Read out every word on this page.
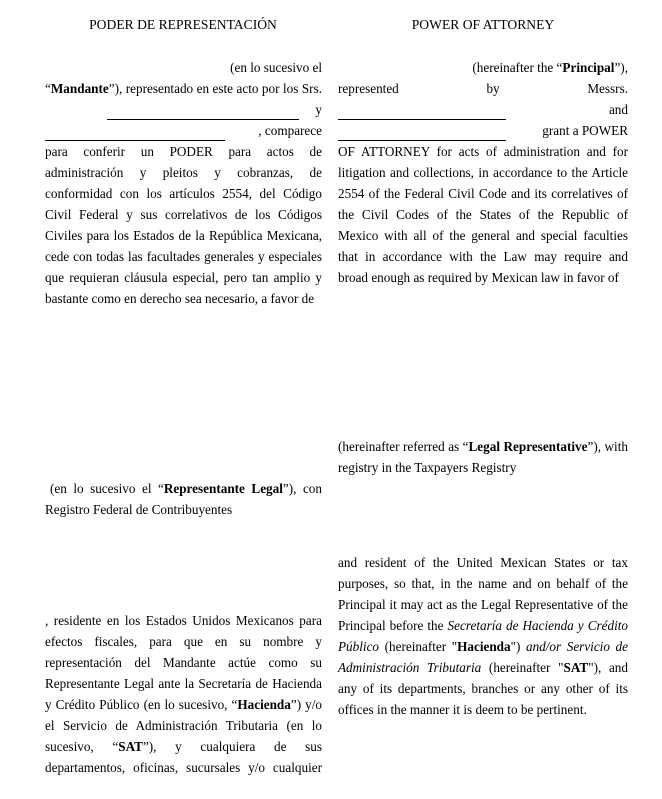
PODER DE REPRESENTACIÓN	POWER OF ATTORNEY
(en lo sucesivo el
“Mandante”), representado en este acto por los Srs.
y
, comparece
para conferir un PODER para actos de administración y pleitos y cobranzas, de conformidad con los artículos 2554, del Código Civil Federal y sus correlativos de los Códigos Civiles para los Estados de la República Mexicana, cede con todas las facultades generales y especiales que requieran cláusula especial, pero tan amplio y bastante como en derecho sea necesario, a favor de
(en lo sucesivo el “Representante Legal”), con Registro Federal de Contribuyentes
, residente en los Estados Unidos Mexicanos para efectos fiscales, para que en su nombre y representación del Mandante actúe como su Representante Legal ante la Secretaría de Hacienda y Crédito Público (en lo sucesivo, “Hacienda”) y/o el Servicio de Administración Tributaria (en lo sucesivo, “SAT”), y cualquiera de sus departamentos, oficinas, sucursales y/o cualquier
(hereinafter the “Principal”),
represented by Messrs.
and
grant a POWER
OF ATTORNEY for acts of administration and for litigation and collections, in accordance to the Article 2554 of the Federal Civil Code and its correlatives of the Civil Codes of the States of the Republic of Mexico with all of the general and special faculties that in accordance with the Law may require and broad enough as required by Mexican law in favor of
(hereinafter referred as “Legal Representative”), with registry in the Taxpayers Registry
and resident of the United Mexican States or tax purposes, so that, in the name and on behalf of the Principal it may act as the Legal Representative of the Principal before the Secretaría de Hacienda y Crédito Público (hereinafter "Hacienda") and/or Servicio de Administración Tributaria (hereinafter "SAT"), and any of its departments, branches or any other of its offices in the manner it is deem to be pertinent.
